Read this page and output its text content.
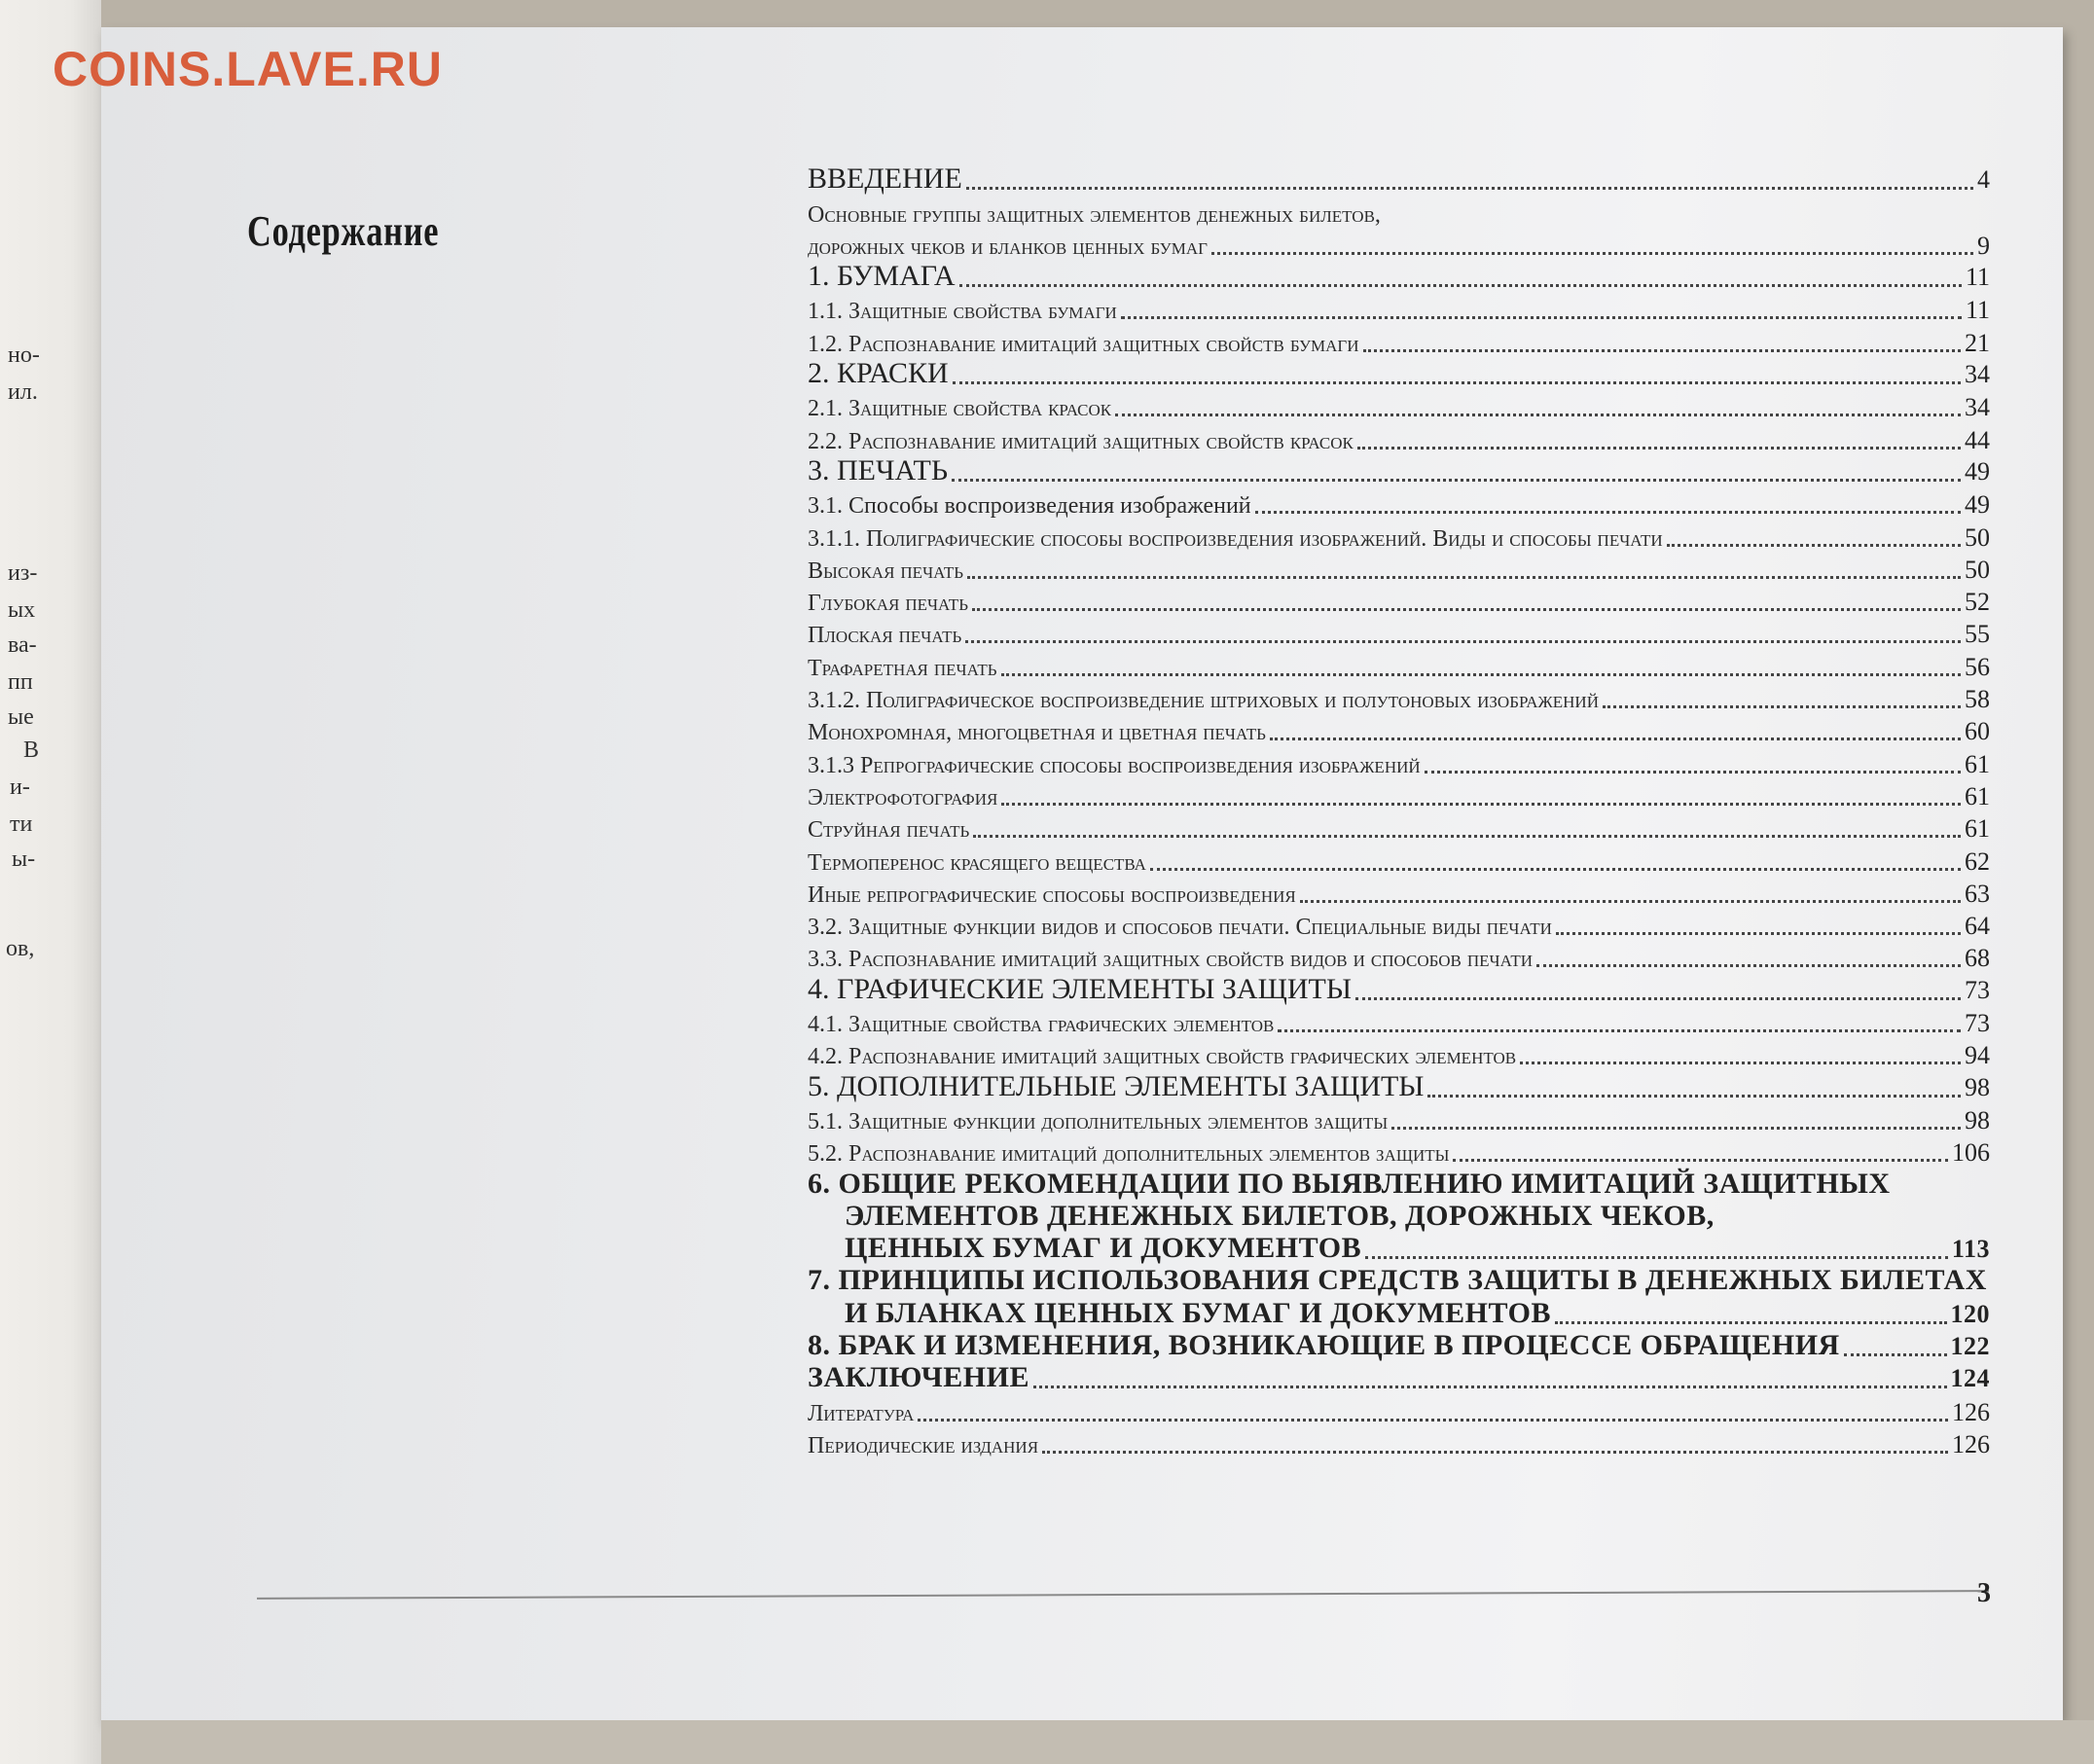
но-
ил.
из-
ых
ва-
пп
ые
В
и-
ти
ы-
ов,
COINS.LAVE.RU
Содержание
ВВЕДЕНИЕ	4
Основные группы защитных элементов денежных билетов,
дорожных чеков и бланков ценных бумаг	9
1. БУМАГА	11
1.1. Защитные свойства бумаги	11
1.2. Распознавание имитаций защитных свойств бумаги	21
2. КРАСКИ	34
2.1. Защитные свойства красок	34
2.2. Распознавание имитаций защитных свойств красок	44
3. ПЕЧАТЬ	49
3.1. Способы воспроизведения изображений	49
3.1.1. Полиграфические способы воспроизведения изображений. Виды и способы печати	50
Высокая печать	50
Глубокая печать	52
Плоская печать	55
Трафаретная печать	56
3.1.2. Полиграфическое воспроизведение штриховых и полутоновых изображений	58
Монохромная, многоцветная и цветная печать	60
3.1.3 Репрографические способы воспроизведения изображений	61
Электрофотография	61
Струйная печать	61
Термоперенос красящего вещества	62
Иные репрографические способы воспроизведения	63
3.2. Защитные функции видов и способов печати. Специальные виды печати	64
3.3. Распознавание имитаций защитных свойств видов и способов печати	68
4. ГРАФИЧЕСКИЕ ЭЛЕМЕНТЫ ЗАЩИТЫ	73
4.1. Защитные свойства графических элементов	73
4.2. Распознавание имитаций защитных свойств графических элементов	94
5. ДОПОЛНИТЕЛЬНЫЕ ЭЛЕМЕНТЫ ЗАЩИТЫ	98
5.1. Защитные функции дополнительных элементов защиты	98
5.2. Распознавание имитаций дополнительных элементов защиты	106
6. ОБЩИЕ РЕКОМЕНДАЦИИ ПО ВЫЯВЛЕНИЮ ИМИТАЦИЙ ЗАЩИТНЫХ
ЭЛЕМЕНТОВ ДЕНЕЖНЫХ БИЛЕТОВ, ДОРОЖНЫХ ЧЕКОВ,
ЦЕННЫХ БУМАГ И ДОКУМЕНТОВ	113
7. ПРИНЦИПЫ ИСПОЛЬЗОВАНИЯ СРЕДСТВ ЗАЩИТЫ В ДЕНЕЖНЫХ БИЛЕТАХ
И БЛАНКАХ ЦЕННЫХ БУМАГ И ДОКУМЕНТОВ	120
8. БРАК И ИЗМЕНЕНИЯ, ВОЗНИКАЮЩИЕ В ПРОЦЕССЕ ОБРАЩЕНИЯ	122
ЗАКЛЮЧЕНИЕ	124
Литература	126
Периодические издания	126
3
